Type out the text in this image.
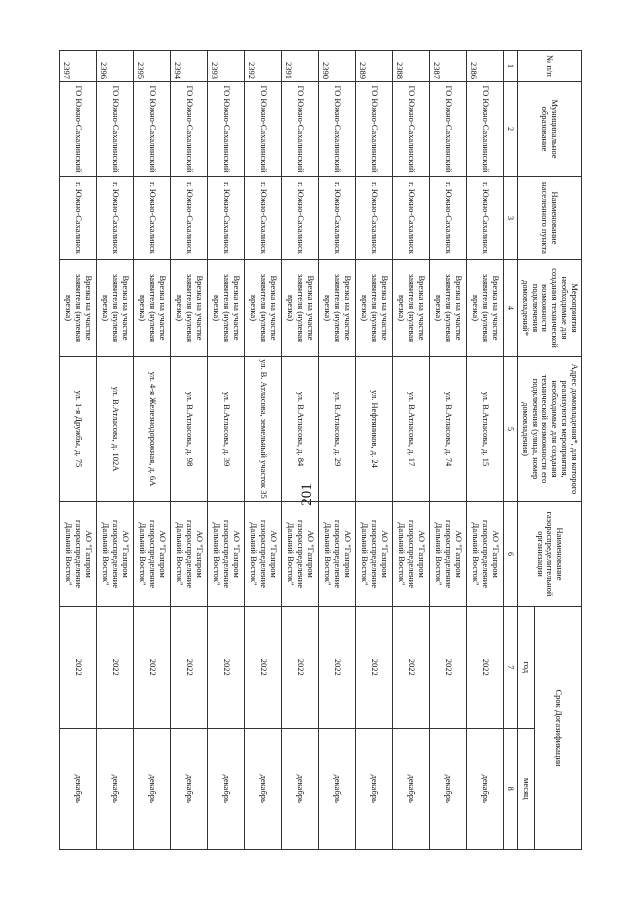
201
№ п/п	Муниципальное образование	Наименование населенного пункта	Мероприятия необходимые для создания технической возможности подключения домовладений*	Адрес домовладения*, для которого реализуются мероприятия, необходимые для создания технической возможности его подключения (улица, номер домовладения)	Наименование газораспределительной организации	Срок Догазификации	
						год	месяц
1	2	3	4	5	6	7	8
2386	ГО Южно-Сахалинский	г. Южно-Сахалинск	Врезка на участке заявителя (нулевая врезка)	ул. В.Атласова, д. 15	АО "Газпром газораспределение Дальний Восток"	2022	декабрь
2387	ГО Южно-Сахалинский	г. Южно-Сахалинск	Врезка на участке заявителя (нулевая врезка)	ул. В.Атласова, д. 74	АО "Газпром газораспределение Дальний Восток"	2022	декабрь
2388	ГО Южно-Сахалинский	г. Южно-Сахалинск	Врезка на участке заявителя (нулевая врезка)	ул. В.Атласова, д. 17	АО "Газпром газораспределение Дальний Восток"	2022	декабрь
2389	ГО Южно-Сахалинский	г. Южно-Сахалинск	Врезка на участке заявителя (нулевая врезка)	ул. Нефтяников, д. 24	АО "Газпром газораспределение Дальний Восток"	2022	декабрь
2390	ГО Южно-Сахалинский	г. Южно-Сахалинск	Врезка на участке заявителя (нулевая врезка)	ул. В.Атласова, д. 29	АО "Газпром газораспределение Дальний Восток"	2022	декабрь
2391	ГО Южно-Сахалинский	г. Южно-Сахалинск	Врезка на участке заявителя (нулевая врезка)	ул. В.Атласова, д. 84	АО "Газпром газораспределение Дальний Восток"	2022	декабрь
2392	ГО Южно-Сахалинский	г. Южно-Сахалинск	Врезка на участке заявителя (нулевая врезка)	ул. В. Атласова, земельный участок 35	АО "Газпром газораспределение Дальний Восток"	2022	декабрь
2393	ГО Южно-Сахалинский	г. Южно-Сахалинск	Врезка на участке заявителя (нулевая врезка)	ул. В.Атласова, д. 39	АО "Газпром газораспределение Дальний Восток"	2022	декабрь
2394	ГО Южно-Сахалинский	г. Южно-Сахалинск	Врезка на участке заявителя (нулевая врезка)	ул. В.Атласова, д. 98	АО "Газпром газораспределение Дальний Восток"	2022	декабрь
2395	ГО Южно-Сахалинский	г. Южно-Сахалинск	Врезка на участке заявителя (нулевая врезка)	ул. 4-я Железнодорожная, д. 6А	АО "Газпром газораспределение Дальний Восток"	2022	декабрь
2396	ГО Южно-Сахалинский	г. Южно-Сахалинск	Врезка на участке заявителя (нулевая врезка)	ул. В.Атласова, д. 102А	АО "Газпром газораспределение Дальний Восток"	2022	декабрь
2397	ГО Южно-Сахалинский	г. Южно-Сахалинск	Врезка на участке заявителя (нулевая врезка)	ул. 1-я Дружбы, д. 75	АО "Газпром газораспределение Дальний Восток"	2022	декабрь
